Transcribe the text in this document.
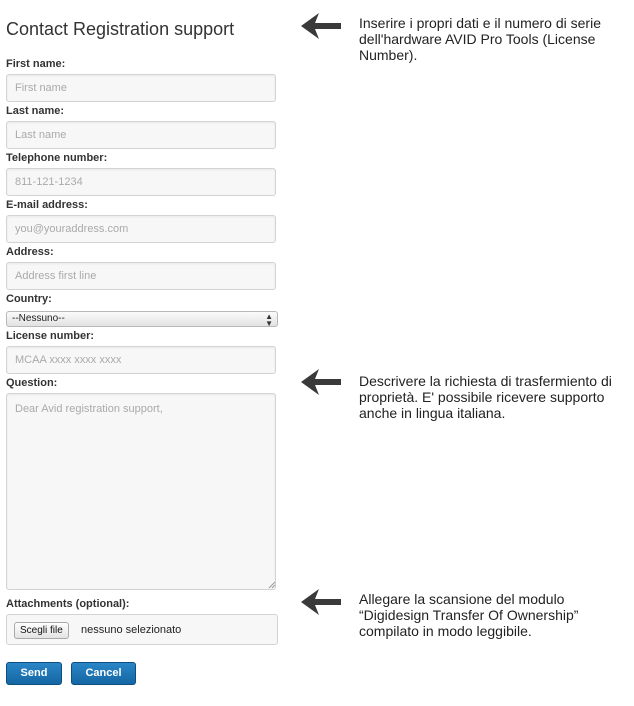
Contact Registration support
First name:
First name
Last name:
Last name
Telephone number:
811-121-1234
E-mail address:
you@youraddress.com
Address:
Address first line
Country:
--Nessuno--	▲
▼
License number:
MCAA xxxx xxxx xxxx
Question:
Dear Avid registration support,
Attachments (optional):
Scegli file	nessuno selezionato
Send	Cancel
Inserire i propri dati e il numero di serie dell'hardware AVID Pro Tools (License Number).
Descrivere la richiesta di trasfermiento di proprietà. E' possibile ricevere supporto anche in lingua italiana.
Allegare la scansione del modulo “Digidesign Transfer Of Ownership” compilato in modo leggibile.
